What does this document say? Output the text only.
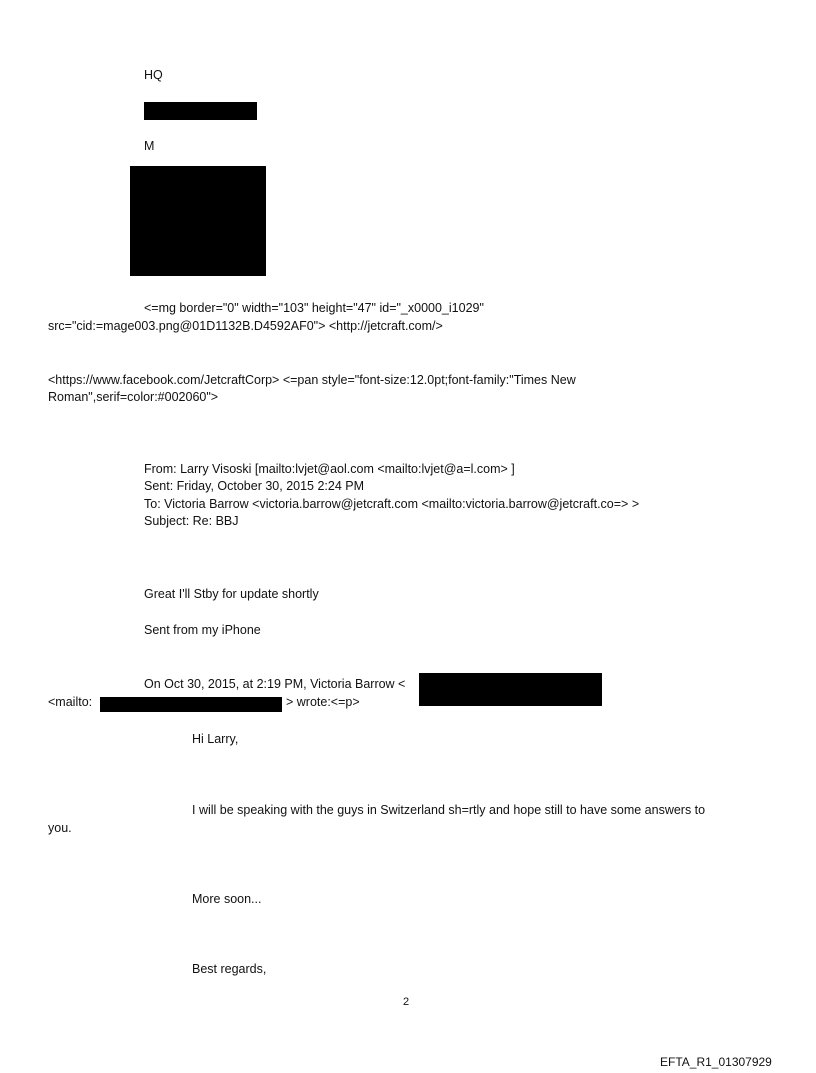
HQ
M
<=mg border="0" width="103" height="47" id="_x0000_i1029"
src="cid:=mage003.png@01D1132B.D4592AF0"> <http://jetcraft.com/>
<https://www.facebook.com/JetcraftCorp> <=pan style="font-size:12.0pt;font-family:"Times New
Roman",serif=color:#002060">
From: Larry Visoski [mailto:lvjet@aol.com <mailto:lvjet@a=l.com> ]
Sent: Friday, October 30, 2015 2:24 PM
To: Victoria Barrow <victoria.barrow@jetcraft.com <mailto:victoria.barrow@jetcraft.co=> >
Subject: Re: BBJ
Great I'll Stby for update shortly
Sent from my iPhone
On Oct 30, 2015, at 2:19 PM, Victoria Barrow <
<mailto:	> wrote:<=p>
Hi Larry,
I will be speaking with the guys in Switzerland sh=rtly and hope still to have some answers to
you.
More soon...
Best regards,
2
EFTA_R1_01307929
